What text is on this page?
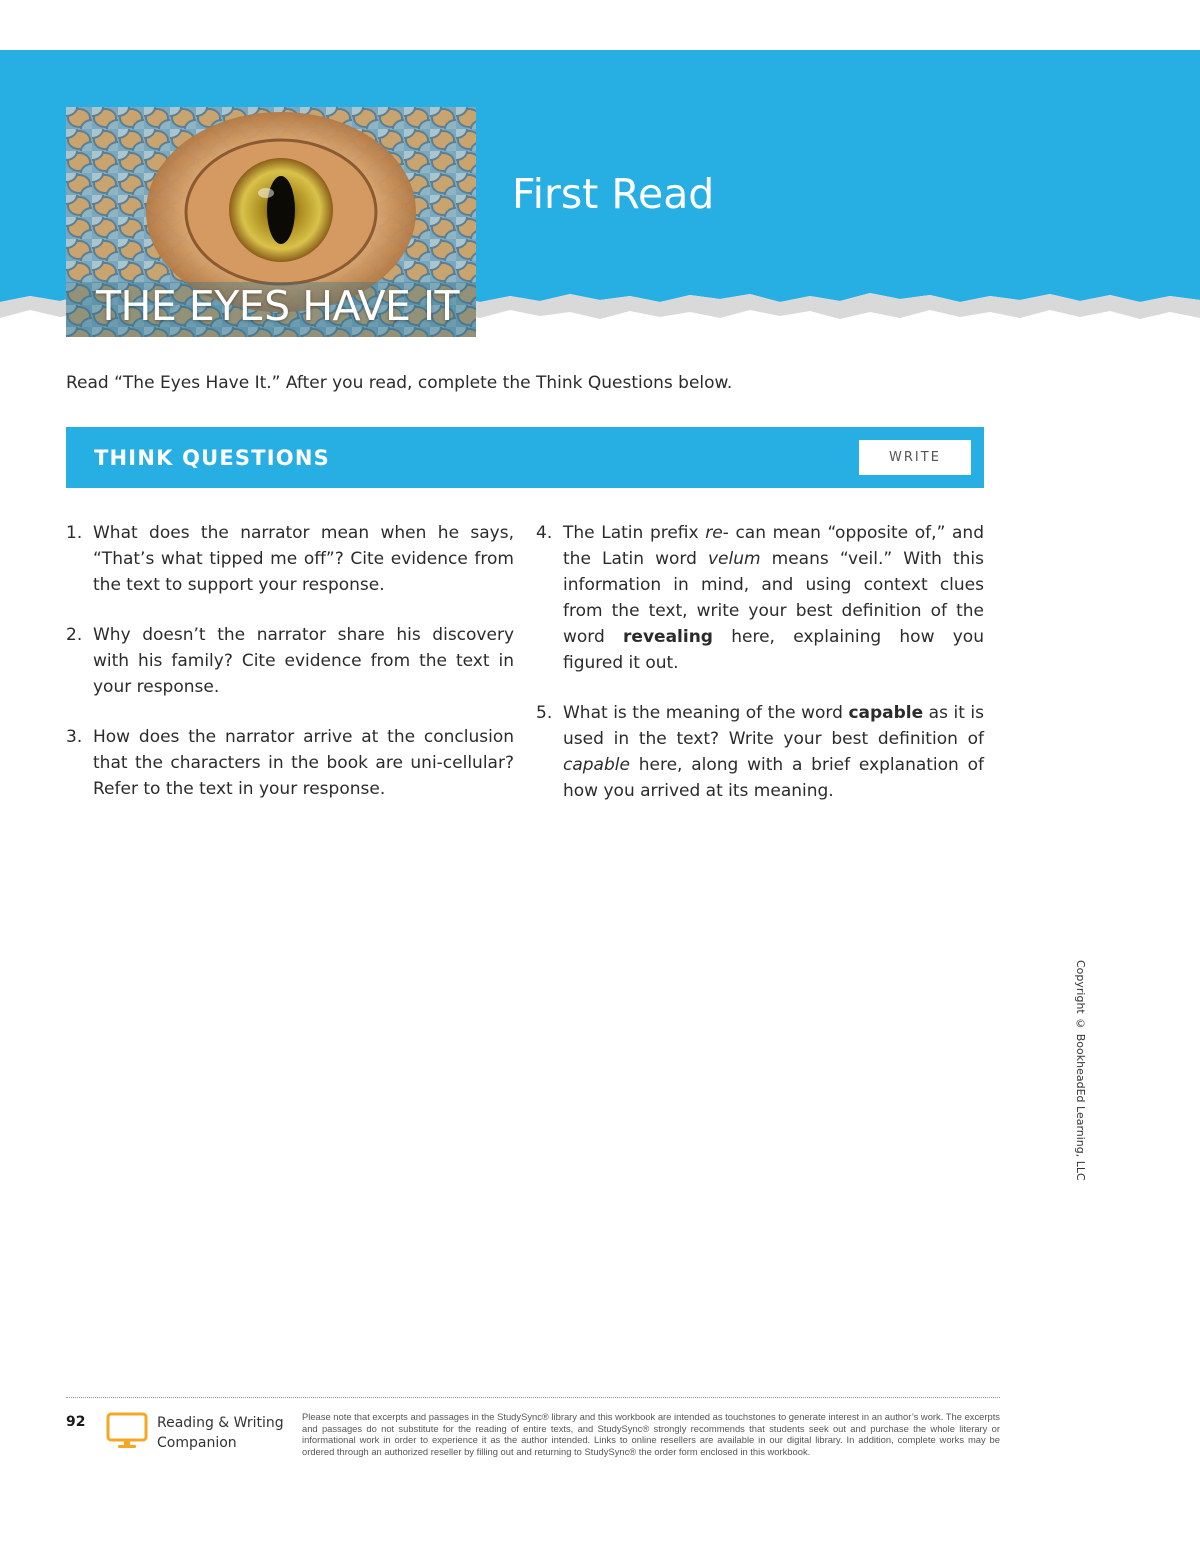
THE EYES HAVE IT
First Read
Read “The Eyes Have It.” After you read, complete the Think Questions below.
THINK QUESTIONS	WRITE
1. What does the narrator mean when he says, “That’s what tipped me off”? Cite evidence from the text to support your response.
2. Why doesn’t the narrator share his discovery with his family? Cite evidence from the text in your response.
3. How does the narrator arrive at the conclusion that the characters in the book are uni-cellular? Refer to the text in your response.
4. The Latin prefix re- can mean “opposite of,” and the Latin word velum means “veil.” With this information in mind, and using context clues from the text, write your best definition of the word revealing here, explaining how you figured it out.
5. What is the meaning of the word capable as it is used in the text? Write your best definition of capable here, along with a brief explanation of how you arrived at its meaning.
Copyright © BookheadEd Learning, LLC
92	Reading & Writing
Companion
Please note that excerpts and passages in the StudySync® library and this workbook are intended as touchstones to generate interest in an author’s work. The excerpts and passages do not substitute for the reading of entire texts, and StudySync® strongly recommends that students seek out and purchase the whole literary or informational work in order to experience it as the author intended. Links to online resellers are available in our digital library. In addition, complete works may be ordered through an authorized reseller by filling out and returning to StudySync® the order form enclosed in this workbook.
